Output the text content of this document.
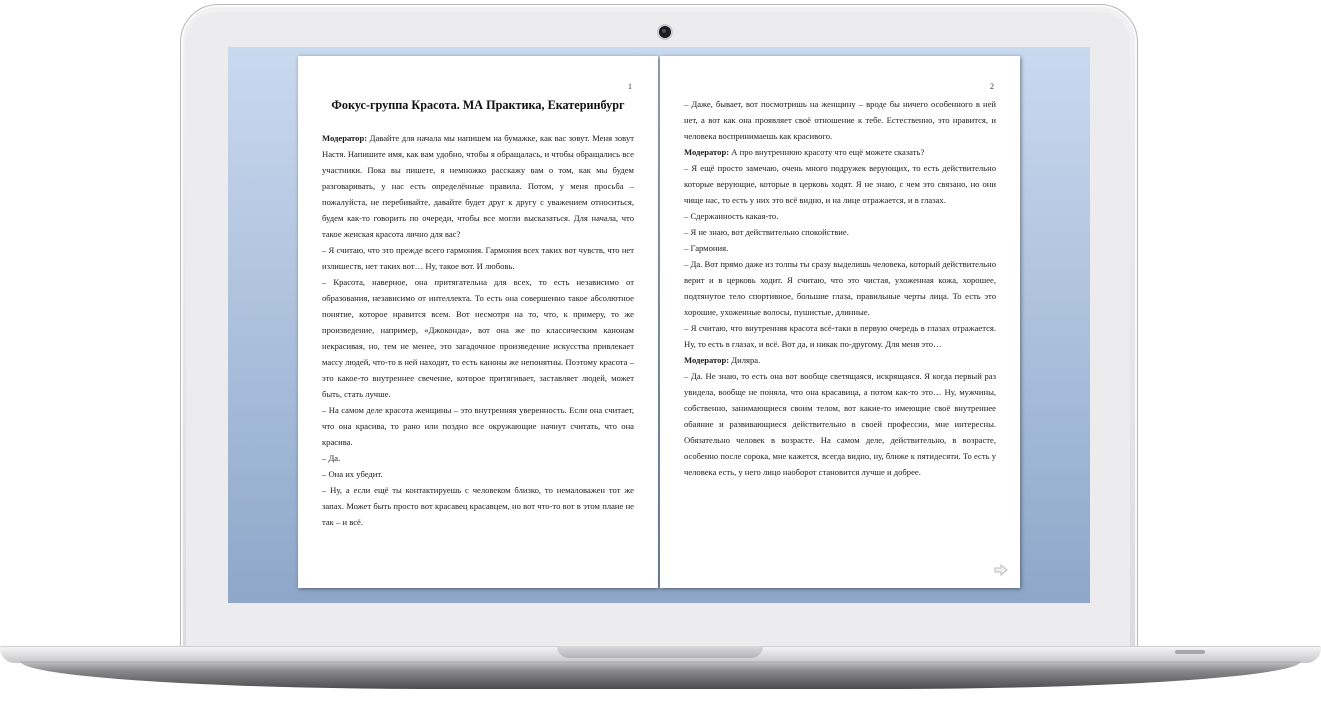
1
Фокус-группа Красота. МА Практика, Екатеринбург

Модератор: Давайте для начала мы напишем на бумажке, как вас зовут. Меня зовут Настя. Напишите имя, как вам удобно, чтобы я обращалась, и чтобы обращались все участники. Пока вы пишете, я немножко расскажу вам о том, как мы будем разговаривать, у нас есть определённые правила. Потом, у меня просьба – пожалуйста, не перебивайте, давайте будет друг к другу с уважением относиться, будем как-то говорить по очереди, чтобы все могли высказаться. Для начала, что такое женская красота лично для вас?

– Я считаю, что это прежде всего гармония. Гармония всех таких вот чувств, что нет излишеств, нет таких вот… Ну, такое вот. И любовь.

– Красота, наверное, она притягательна для всех, то есть независимо от образования, независимо от интеллекта. То есть она совершенно такое абсолютное понятие, которое нравится всем. Вот несмотря на то, что, к примеру, то же произведение, например, «Джоконда», вот она же по классическим канонам некрасивая, но, тем не менее, это загадочное произведение искусства привлекает массу людей, что-то в ней находят, то есть каноны же непонятны. Поэтому красота – это какое-то внутреннее свечение, которое притягивает, заставляет людей, может быть, стать лучше.

– На самом деле красота женщины – это внутренняя уверенность. Если она считает, что она красива, то рано или поздно все окружающие начнут считать, что она красива.

– Да.

– Она их убедит.

– Ну, а если ещё ты контактируешь с человеком близко, то немаловажен тот же запах. Может быть просто вот красавец красавцем, но вот что-то вот в этом плане не так – и всё.

2

– Даже, бывает, вот посмотришь на женщину – вроде бы ничего особенного в ней нет, а вот как она проявляет своё отношение к тебе. Естественно, это нравится, и человека воспринимаешь как красивого.

Модератор: А про внутреннюю красоту что ещё можете сказать?

– Я ещё просто замечаю, очень много подружек верующих, то есть действительно которые верующие, которые в церковь ходят. Я не знаю, с чем это связано, но они чище нас, то есть у них это всё видно, и на лице отражается, и в глазах.

– Сдержанность какая-то.

– Я не знаю, вот действительно спокойствие.

– Гармония.

– Да. Вот прямо даже из толпы ты сразу выделишь человека, который действительно верит и в церковь ходит. Я считаю, что это чистая, ухоженная кожа, хорошее, подтянутое тело спортивное, большие глаза, правильные черты лица. То есть это хорошие, ухоженные волосы, пушистые, длинные.

– Я считаю, что внутренняя красота всё-таки в первую очередь в глазах отражается. Ну, то есть в глазах, и всё. Вот да, и никак по-другому. Для меня это…

Модератор: Диляра.

– Да. Не знаю, то есть она вот вообще светящаяся, искрящаяся. Я когда первый раз увидела, вообще не поняла, что она красавица, а потом как-то это… Ну, мужчины, собственно, занимающиеся своим телом, вот какие-то имеющие своё внутреннее обаяние и развивающиеся действительно в своей профессии, мне интересны. Обязательно человек в возрасте. На самом деле, действительно, в возрасте, особенно после сорока, мне кажется, всегда видно, ну, ближе к пятидесяти. То есть у человека есть, у него лицо наоборот становится лучше и добрее.
